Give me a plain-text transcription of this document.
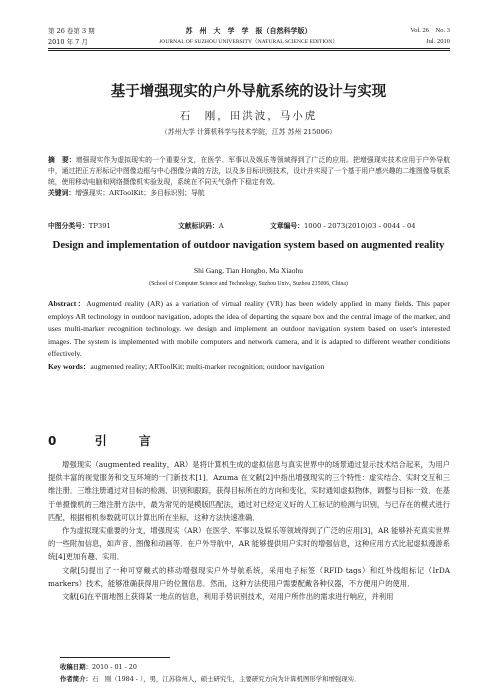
第 26 卷第 3 期
2010 年 7 月
苏　州　大　学　学　报（自然科学版）
JOURNAL OF SUZHOU UNIVERSITY（NATURAL SCIENCE EDITION）
Vol. 26　No. 3
Jul. 2010
基于增强现实的户外导航系统的设计与实现
石　刚，田洪波，马小虎
（苏州大学 计算机科学与技术学院，江苏 苏州 215006）
摘　要：增强现实作为虚拟现实的一个重要分支，在医学、军事以及娱乐等领域得到了广泛的应用。把增强现实技术应用于户外导航中，通过把正方形标记中图像边框与中心图像分离的方法，以及多目标识别技术，设计并实现了一个基于用户感兴趣的二维图像导航系统，使用移动电脑和网络摄像机实验发现，系统在不同天气条件下稳定有效。
关键词：增强现实；ARToolKit；多目标识别；导航
中图分类号：TP391	文献标识码：A	文章编号：1000 - 2073(2010)03 - 0044 - 04
Design and implementation of outdoor navigation system based on augmented reality
Shi Gang, Tian Hongbo, Ma Xiaohu
(School of Computer Science and Technology, Suzhou Univ., Suzhou 215006, China)
Abstract：Augmented reality (AR) as a variation of virtual reality (VR) has been widely applied in many fields. This paper employs AR technology in outdoor navigation, adopts the idea of departing the square box and the central image of the marker, and uses multi-marker recognition technology. we design and implement an outdoor navigation system based on user's interested images. The system is implemented with mobile computers and network camera, and it is adapted to different weather conditions effectively.
Key words：augmented reality; ARToolKit; multi-marker recognition; outdoor navigation
0 引　言

增强现实（augmented reality，AR）是将计算机生成的虚拟信息与真实世界中的场景通过显示技术结合起来，为用户提供丰富的视觉服务和交互环境的一门新技术[1]．Azuma 在文献[2]中指出增强现实的三个特性：虚实结合、实时交互和三维注册．三维注册通过对目标的检测、识别和跟踪，获得目标所在的方向和变化，实时通知虚拟物体，调整与目标一致．在基于单摄像机的三维注册方法中，最为常见的是模版匹配法，通过对已经定义好的人工标记的检测与识别，与已存在的模式进行匹配，根据相机参数就可以计算出所在坐标，这种方法快速准确．

作为虚拟现实重要的分支，增强现实（AR）在医学、军事以及娱乐等领域得到了广泛的应用[3]，AR 能够补充真实世界的一些附加信息，如声音、图像和动画等．在户外导航中，AR 能够提供用户实时的增强信息，这种应用方式比起虚拟漫游系统[4]更加有趣、实用．

文献[5]提出了一种可穿戴式的移动增强现实户外导航系统，采用电子标签（RFID tags）和红外线组标记（IrDA markers）技术，能够准确获得用户的位置信息．然而，这种方法使用户需要配戴各种仪器，不方便用户的使用．

文献[6]在平面地图上获得某一地点的信息，利用手势识别技术，对用户所作出的需求进行响应，并利用

收稿日期：2010 - 01 - 20
作者简介：石　刚（1984 - ），男，江苏徐州人，硕士研究生，主要研究方向为计算机图形学和增强现实．
